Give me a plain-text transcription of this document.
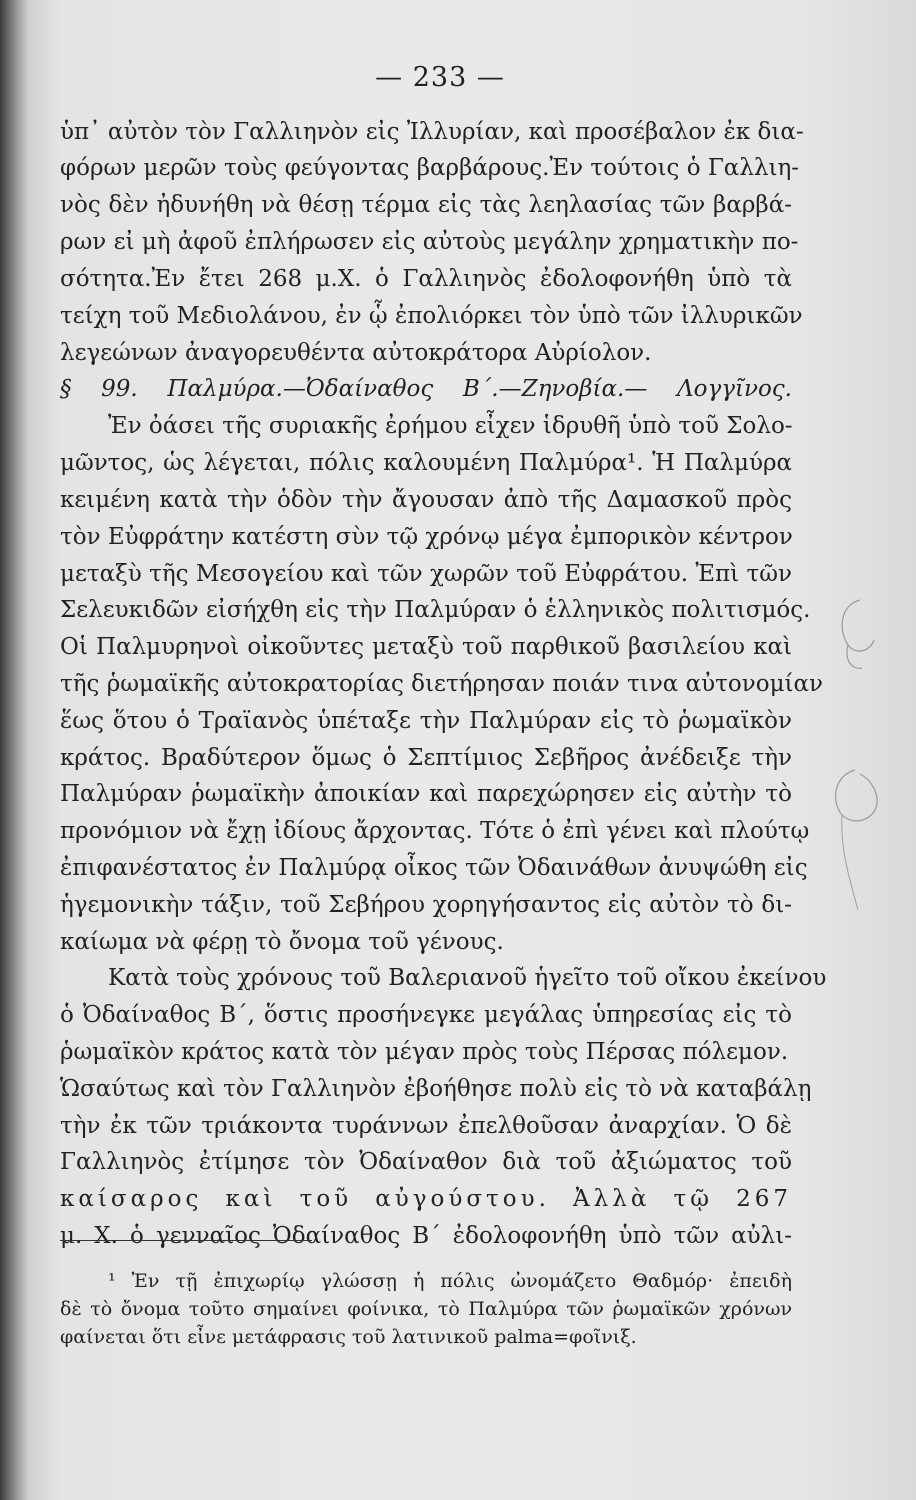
— 233 —
ὑπ᾽ αὐτὸν τὸν Γαλλιηνὸν εἰς Ἰλλυρίαν, καὶ προσέβαλον ἐκ δια-
φόρων μερῶν τοὺς φεύγοντας βαρβάρους.Ἐν τούτοις ὁ Γαλλιη-
νὸς δὲν ἠδυνήθη νὰ θέσῃ τέρμα εἰς τὰς λεηλασίας τῶν βαρβά-
ρων εἰ μὴ ἀφοῦ ἐπλήρωσεν εἰς αὐτοὺς μεγάλην χρηματικὴν πο-
σότητα.Ἐν ἔτει 268 μ.Χ. ὁ Γαλλιηνὸς ἐδολοφονήθη ὑπὸ τὰ
τείχη τοῦ Μεδιολάνου, ἐν ᾧ ἐπολιόρκει τὸν ὑπὸ τῶν ἰλλυρικῶν
λεγεώνων ἀναγορευθέντα αὐτοκράτορα Αὐρίολον.
§ 99. Παλμύρα.—Ὀδαίναθος Β΄.—Ζηνοβία.— Λογγῖνος.
Ἐν ὀάσει τῆς συριακῆς ἐρήμου εἶχεν ἱδρυθῆ ὑπὸ τοῦ Σολο-
μῶντος, ὡς λέγεται, πόλις καλουμένη Παλμύρα¹. Ἡ Παλμύρα
κειμένη κατὰ τὴν ὁδὸν τὴν ἄγουσαν ἀπὸ τῆς Δαμασκοῦ πρὸς
τὸν Εὐφράτην κατέστη σὺν τῷ χρόνῳ μέγα ἐμπορικὸν κέντρον
μεταξὺ τῆς Μεσογείου καὶ τῶν χωρῶν τοῦ Εὐφράτου. Ἐπὶ τῶν
Σελευκιδῶν εἰσήχθη εἰς τὴν Παλμύραν ὁ ἑλληνικὸς πολιτισμός.
Οἱ Παλμυρηνοὶ οἰκοῦντες μεταξὺ τοῦ παρθικοῦ βασιλείου καὶ
τῆς ῥωμαϊκῆς αὐτοκρατορίας διετήρησαν ποιάν τινα αὐτονομίαν
ἕως ὅτου ὁ Τραϊανὸς ὑπέταξε τὴν Παλμύραν εἰς τὸ ῥωμαϊκὸν
κράτος. Βραδύτερον ὅμως ὁ Σεπτίμιος Σεβῆρος ἀνέδειξε τὴν
Παλμύραν ῥωμαϊκὴν ἀποικίαν καὶ παρεχώρησεν εἰς αὐτὴν τὸ
προνόμιον νὰ ἔχῃ ἰδίους ἄρχοντας. Τότε ὁ ἐπὶ γένει καὶ πλούτῳ
ἐπιφανέστατος ἐν Παλμύρᾳ οἶκος τῶν Ὀδαινάθων ἀνυψώθη εἰς
ἡγεμονικὴν τάξιν, τοῦ Σεβήρου χορηγήσαντος εἰς αὐτὸν τὸ δι-
καίωμα νὰ φέρῃ τὸ ὄνομα τοῦ γένους.
Κατὰ τοὺς χρόνους τοῦ Βαλεριανοῦ ἡγεῖτο τοῦ οἴκου ἐκείνου
ὁ Ὀδαίναθος Β΄, ὅστις προσήνεγκε μεγάλας ὑπηρεσίας εἰς τὸ
ῥωμαϊκὸν κράτος κατὰ τὸν μέγαν πρὸς τοὺς Πέρσας πόλεμον.
Ὡσαύτως καὶ τὸν Γαλλιηνὸν ἐβοήθησε πολὺ εἰς τὸ νὰ καταβάλῃ
τὴν ἐκ τῶν τριάκοντα τυράννων ἐπελθοῦσαν ἀναρχίαν. Ὁ δὲ
Γαλλιηνὸς ἐτίμησε τὸν Ὀδαίναθον διὰ τοῦ ἀξιώματος τοῦ
καίσαρος καὶ τοῦ αὐγούστου. Ἀλλὰ τῷ 267
μ. Χ. ὁ γενναῖος Ὀδαίναθος Β΄ ἐδολοφονήθη ὑπὸ τῶν αὐλι-
¹ Ἐν τῇ ἐπιχωρίῳ γλώσσῃ ἡ πόλις ὠνομάζετο Θαδμόρ· ἐπειδὴ
δὲ τὸ ὄνομα τοῦτο σημαίνει φοίνικα, τὸ Παλμύρα τῶν ῥωμαϊκῶν χρόνων
φαίνεται ὅτι εἶνε μετάφρασις τοῦ λατινικοῦ palma=φοῖνιξ.
